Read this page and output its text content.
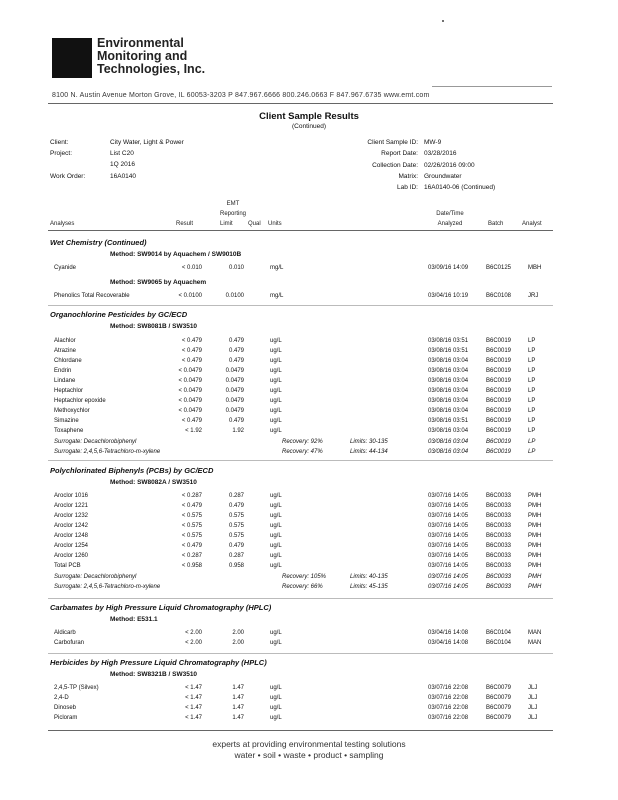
Environmental
Monitoring and
Technologies, Inc.
8100 N. Austin Avenue Morton Grove, IL 60053-3203 P 847.967.6666 800.246.0663 F 847.967.6735 www.emt.com
Client Sample Results
(Continued)
Client:	City Water, Light & Power
Project:	List C20
1Q 2016
Work Order:	16A0140
Client Sample ID: MW-9
Report Date: 03/28/2016
Collection Date: 02/26/2016 09:00
Matrix: Groundwater
Lab ID: 16A0140-06 (Continued)
EMT
Reporting
Analyses	Result	Limit	Qual Units
Date/Time
Analyzed	Batch	Analyst
Wet Chemistry (Continued)
Method: SW9014 by Aquachem / SW9010B
Method: SW9065 by Aquachem
Organochlorine Pesticides by GC/ECD
Method: SW8081B / SW3510
Polychlorinated Biphenyls (PCBs) by GC/ECD
Method: SW8082A / SW3510
Carbamates by High Pressure Liquid Chromatography (HPLC)
Method: E531.1
Herbicides by High Pressure Liquid Chromatography (HPLC)
Method: SW8321B / SW3510
Cyanide	< 0.010	0.010	mg/L	03/09/16 14:09	B6C0125	MBH
Phenolics Total Recoverable	< 0.0100	0.0100	mg/L	03/04/16 10:19	B6C0108	JRJ
Alachlor	< 0.479	0.479	ug/L	03/08/16 03:51	B6C0019	LP
Atrazine	< 0.479	0.479	ug/L	03/08/16 03:51	B6C0019	LP
Chlordane	< 0.479	0.479	ug/L	03/08/16 03:04	B6C0019	LP
Endrin	< 0.0479	0.0479	ug/L	03/08/16 03:04	B6C0019	LP
Lindane	< 0.0479	0.0479	ug/L	03/08/16 03:04	B6C0019	LP
Heptachlor	< 0.0479	0.0479	ug/L	03/08/16 03:04	B6C0019	LP
Heptachlor epoxide	< 0.0479	0.0479	ug/L	03/08/16 03:04	B6C0019	LP
Methoxychlor	< 0.0479	0.0479	ug/L	03/08/16 03:04	B6C0019	LP
Simazine	< 0.479	0.479	ug/L	03/08/16 03:51	B6C0019	LP
Toxaphene	< 1.92	1.92	ug/L	03/08/16 03:04	B6C0019	LP
Surrogate: Decachlorobiphenyl	Recovery: 92%	Limits: 30-135	03/08/16 03:04	B6C0019	LP
Surrogate: 2,4,5,6-Tetrachloro-m-xylene	Recovery: 47%	Limits: 44-134	03/08/16 03:04	B6C0019	LP
Aroclor 1016	< 0.287	0.287	ug/L	03/07/16 14:05	B6C0033	PMH
Aroclor 1221	< 0.479	0.479	ug/L	03/07/16 14:05	B6C0033	PMH
Aroclor 1232	< 0.575	0.575	ug/L	03/07/16 14:05	B6C0033	PMH
Aroclor 1242	< 0.575	0.575	ug/L	03/07/16 14:05	B6C0033	PMH
Aroclor 1248	< 0.575	0.575	ug/L	03/07/16 14:05	B6C0033	PMH
Aroclor 1254	< 0.479	0.479	ug/L	03/07/16 14:05	B6C0033	PMH
Aroclor 1260	< 0.287	0.287	ug/L	03/07/16 14:05	B6C0033	PMH
Total PCB	< 0.958	0.958	ug/L	03/07/16 14:05	B6C0033	PMH
Surrogate: Decachlorobiphenyl	Recovery: 105%	Limits: 40-135	03/07/16 14:05	B6C0033	PMH
Surrogate: 2,4,5,6-Tetrachloro-m-xylene	Recovery: 66%	Limits: 45-135	03/07/16 14:05	B6C0033	PMH
Aldicarb	< 2.00	2.00	ug/L	03/04/16 14:08	B6C0104	MAN
Carbofuran	< 2.00	2.00	ug/L	03/04/16 14:08	B6C0104	MAN
2,4,5-TP (Silvex)	< 1.47	1.47	ug/L	03/07/16 22:08	B6C0079	JLJ
2,4-D	< 1.47	1.47	ug/L	03/07/16 22:08	B6C0079	JLJ
Dinoseb	< 1.47	1.47	ug/L	03/07/16 22:08	B6C0079	JLJ
Picloram	< 1.47	1.47	ug/L	03/07/16 22:08	B6C0079	JLJ
experts at providing environmental testing solutions
water • soil • waste • product • sampling
